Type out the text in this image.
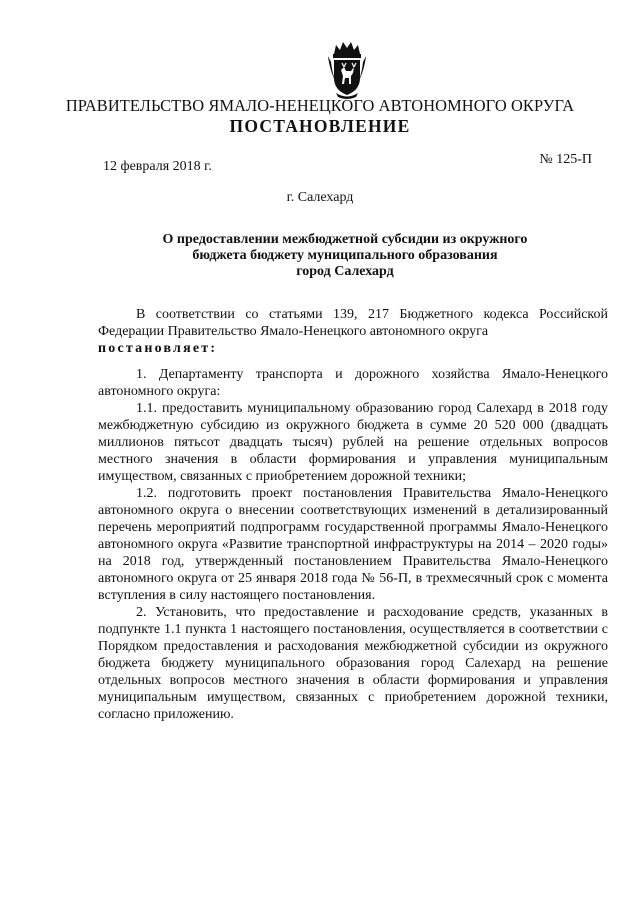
ПРАВИТЕЛЬСТВО ЯМАЛО-НЕНЕЦКОГО АВТОНОМНОГО ОКРУГА
ПОСТАНОВЛЕНИЕ
12 февраля 2018 г.	№ 125-П
г. Салехард
О предоставлении межбюджетной субсидии из окружного
бюджета бюджету муниципального образования
город Салехард

В соответствии со статьями 139, 217 Бюджетного кодекса Российской Федерации Правительство Ямало-Ненецкого автономного округа

постановляет:

1. Департаменту транспорта и дорожного хозяйства Ямало-Ненецкого автономного округа:

1.1. предоставить муниципальному образованию город Салехард в 2018 году межбюджетную субсидию из окружного бюджета в сумме 20 520 000 (двадцать миллионов пятьсот двадцать тысяч) рублей на решение отдельных вопросов местного значения в области формирования и управления муниципальным имуществом, связанных с приобретением дорожной техники;

1.2. подготовить проект постановления Правительства Ямало-Ненецкого автономного округа о внесении соответствующих изменений в детализированный перечень мероприятий подпрограмм государственной программы Ямало-Ненецкого автономного округа «Развитие транспортной инфраструктуры на 2014 – 2020 годы» на 2018 год, утвержденный постановлением Правительства Ямало-Ненецкого автономного округа от 25 января 2018 года № 56-П, в трехмесячный срок с момента вступления в силу настоящего постановления.

2. Установить, что предоставление и расходование средств, указанных в подпункте 1.1 пункта 1 настоящего постановления, осуществляется в соответствии с Порядком предоставления и расходования межбюджетной субсидии из окружного бюджета бюджету муниципального образования город Салехард на решение отдельных вопросов местного значения в области формирования и управления муниципальным имуществом, связанных с приобретением дорожной техники, согласно приложению.
